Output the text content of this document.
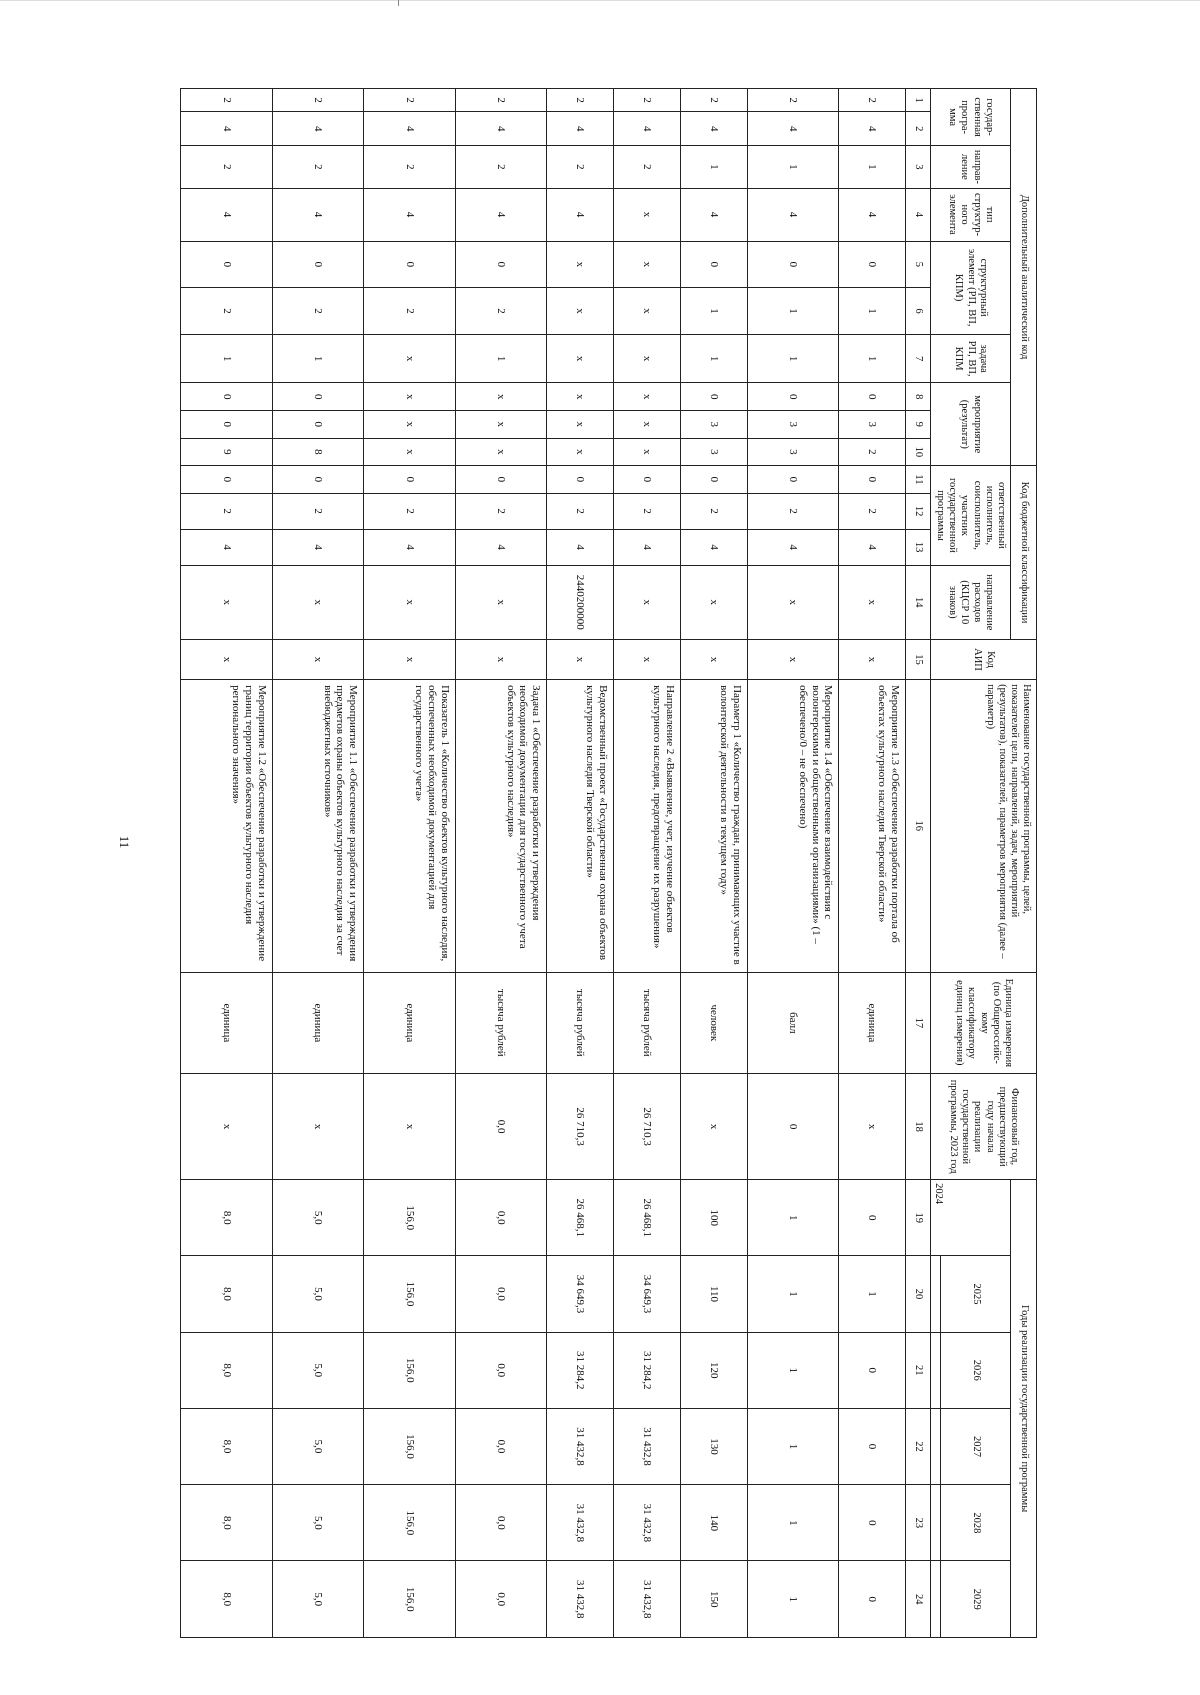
11
Дополнительный аналитический код										Код бюджетной классификации				Код АИП	Наименование государственной программы, целей, показателей цели, направлений, задач, мероприятий (результатов), показателей, параметров мероприятия (далее – параметр)	Единица измерения (по Общероссийс-кому классификатору единиц измерения)	Финансовый год, предшествующий году начала реализации государственной программы, 2023 год	Годы реализации государственной программы					
государ-ственная програ-мма		направ-ление	тип структур-ного элемента	структурный элемент (РП, ВП, КПМ)		задача РП, ВП, КПМ	мероприятие (результат)			ответственный исполнитель, соисполнитель, участник государственной программы			направление расходов (КЦСР 10 знаков)					2024	2025	2026	2027	2028	2029

1	2	3	4	5	6	7	8	9	10	11	12	13	14	15	16	17	18	19	20	21	22	23	24
2	4	1	4	0	1	1	0	3	2	0	2	4	x	x	Мероприятие 1.3 «Обеспечение разработки портала об объектах культурного наследия Тверской области»	единица	x	0	1	0	0	0	0
2	4	1	4	0	1	1	0	3	3	0	2	4	x	x	Мероприятие 1.4 «Обеспечение взаимодействия с волонтерскими и общественными организациями» (1 – обеспечено/0 – не обеспечено)	балл	0	1	1	1	1	1	1
2	4	1	4	0	1	1	0	3	3	0	2	4	x	x	Параметр 1 «Количество граждан, принимающих участие в волонтерской деятельности в текущем году»	человек	x	100	110	120	130	140	150
2	4	2	x	x	x	x	x	x	x	0	2	4	x	x	Направление 2 «Выявление, учет, изучение объектов культурного наследия, предотвращение их разрушения»	тысяча рублей	26 710,3	26 468,1	34 649,3	31 284,2	31 432,8	31 432,8	31 432,8
2	4	2	4	x	x	x	x	x	x	0	2	4	2440200000	x	Ведомственный проект «Государственная охрана объектов культурного наследия Тверской области»	тысяча рублей	26 710,3	26 468,1	34 649,3	31 284,2	31 432,8	31 432,8	31 432,8
2	4	2	4	0	2	1	x	x	x	0	2	4	x	x	Задача 1 «Обеспечение разработки и утверждения необходимой документации для государственного учета объектов культурного наследия»	тысяча рублей	0,0	0,0	0,0	0,0	0,0	0,0	0,0
2	4	2	4	0	2	x	x	x	x	0	2	4	x	x	Показатель 1 «Количество объектов культурного наследия, обеспеченных необходимой документацией для государственного учета»	единица	x	156,0	156,0	156,0	156,0	156,0	156,0
2	4	2	4	0	2	1	0	0	8	0	2	4	x	x	Мероприятие 1.1 «Обеспечение разработки и утверждения предметов охраны объектов культурного наследия за счет внебюджетных источников»	единица	x	5,0	5,0	5,0	5,0	5,0	5,0
2	4	2	4	0	2	1	0	0	9	0	2	4	x	x	Мероприятие 1.2 «Обеспечение разработки и утверждение границ территории объектов культурного наследия регионального значения»	единица	x	8,0	8,0	8,0	8,0	8,0	8,0
